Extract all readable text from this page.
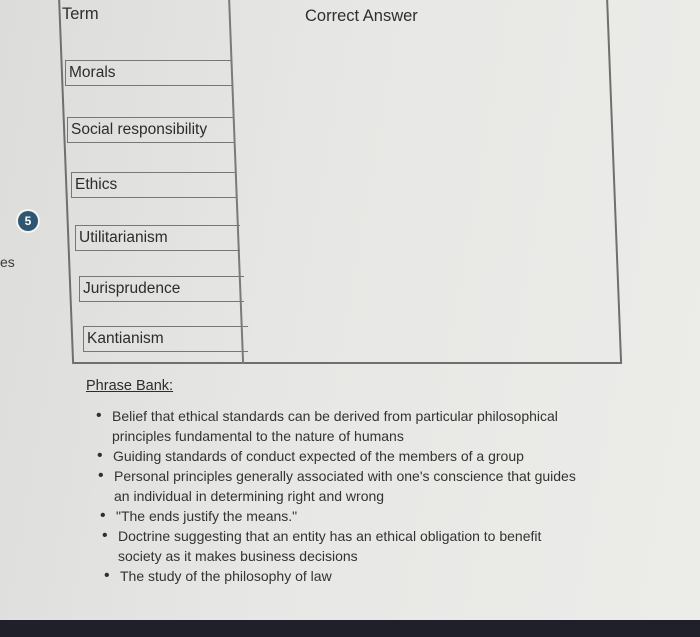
Term	Correct Answer
Morals
Social responsibility
Ethics
Utilitarianism
Jurisprudence
Kantianism
5
es
Phrase Bank:
• Belief that ethical standards can be derived from particular philosophical
principles fundamental to the nature of humans
• Guiding standards of conduct expected of the members of a group
• Personal principles generally associated with one's conscience that guides
an individual in determining right and wrong
• "The ends justify the means."
• Doctrine suggesting that an entity has an ethical obligation to benefit
society as it makes business decisions
• The study of the philosophy of law
